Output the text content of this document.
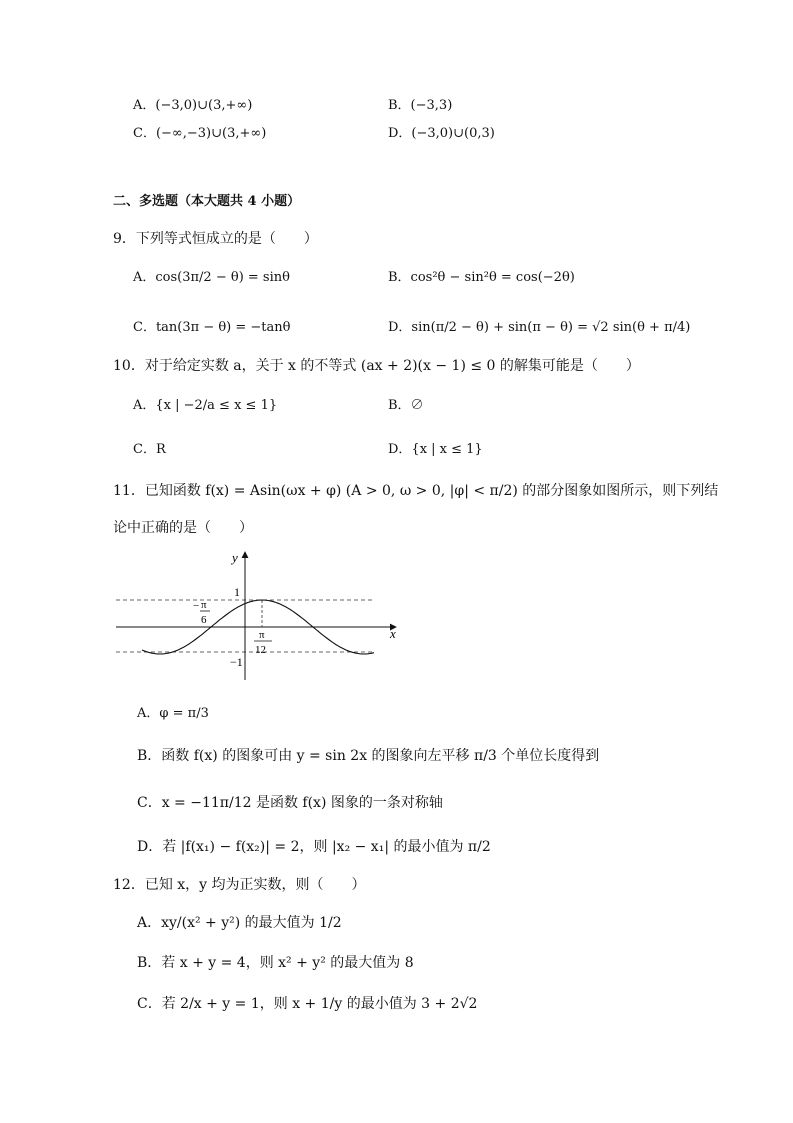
A．(−3,0)∪(3,+∞)	B．(−3,3)
C．(−∞,−3)∪(3,+∞)	D．(−3,0)∪(0,3)
二、多选题（本大题共 4 小题）
9．下列等式恒成立的是（　　）
A．cos(3π/2 − θ) = sinθ	B．cos²θ − sin²θ = cos(−2θ)
C．tan(3π − θ) = −tanθ	D．sin(π/2 − θ) + sin(π − θ) = √2 sin(θ + π/4)
10．对于给定实数 a，关于 x 的不等式 (ax + 2)(x − 1) ≤ 0 的解集可能是（　　）
A．{x | −2/a ≤ x ≤ 1}	B．∅
C．R	D．{x | x ≤ 1}
11．已知函数 f(x) = Asin(ωx + φ) (A > 0, ω > 0, |φ| < π/2) 的部分图象如图所示，则下列结
论中正确的是（　　）
y
x
1
−1
− π
6
π
12
A．φ = π/3
B．函数 f(x) 的图象可由 y = sin 2x 的图象向左平移 π/3 个单位长度得到
C．x = −11π/12 是函数 f(x) 图象的一条对称轴
D．若 |f(x₁) − f(x₂)| = 2，则 |x₂ − x₁| 的最小值为 π/2
12．已知 x，y 均为正实数，则（　　）
A．xy/(x² + y²) 的最大值为 1/2
B．若 x + y = 4，则 x² + y² 的最大值为 8
C．若 2/x + y = 1，则 x + 1/y 的最小值为 3 + 2√2
